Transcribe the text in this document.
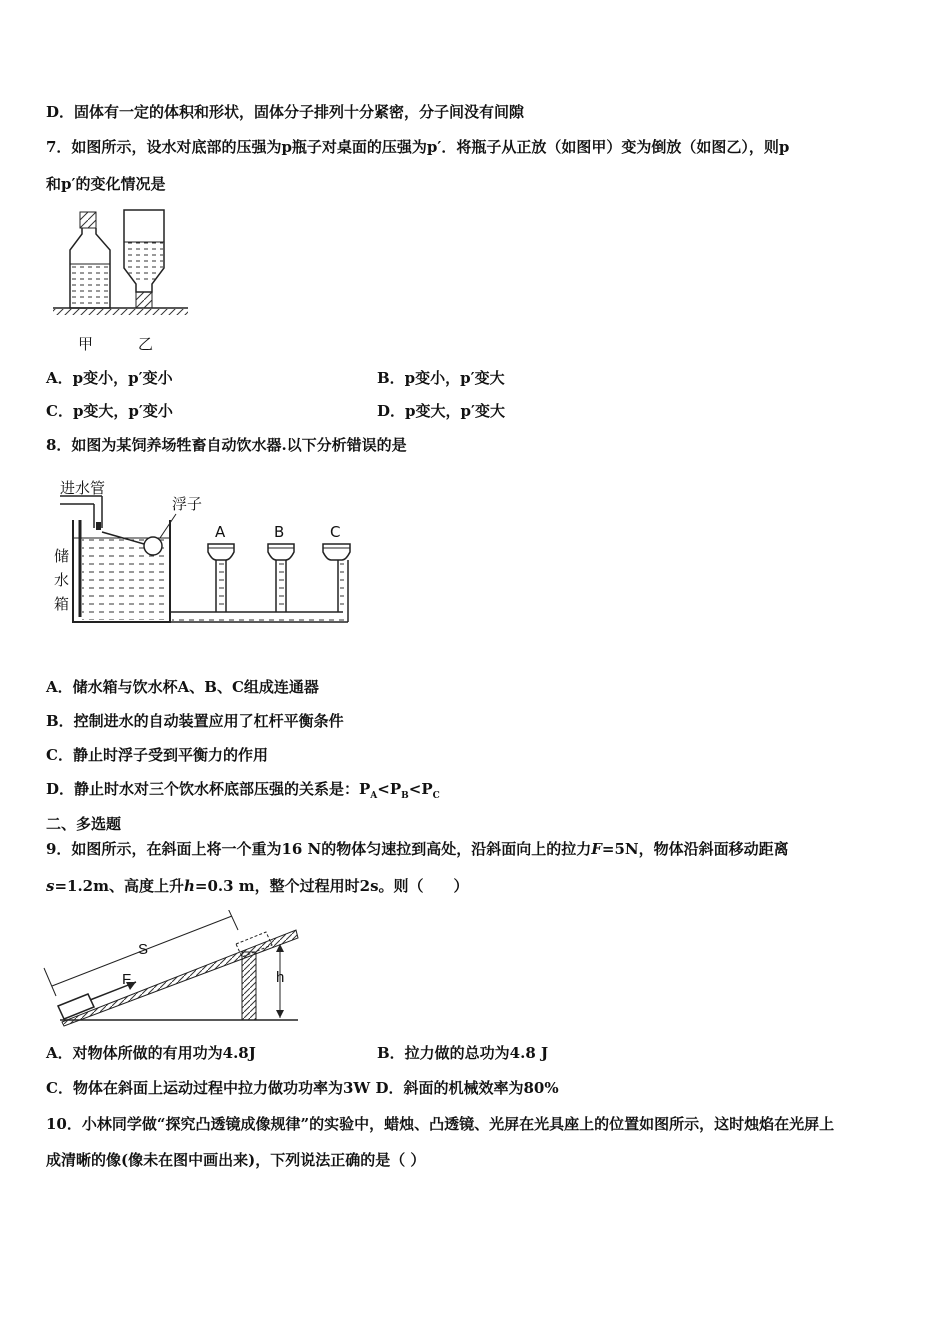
D．固体有一定的体积和形状，固体分子排列十分紧密，分子间没有间隙
7．如图所示，设水对底部的压强为p瓶子对桌面的压强为p′．将瓶子从正放（如图甲）变为倒放（如图乙），则p
和p′的变化情况是
甲	乙
A．p变小，p′变小	B．p变小，p′变大
C．p变大，p′变小	D．p变大，p′变大
8．如图为某饲养场牲畜自动饮水器.以下分析错误的是
进水管
浮子
储
水
箱
A	B	C
A．储水箱与饮水杯A、B、C组成连通器
B．控制进水的自动装置应用了杠杆平衡条件
C．静止时浮子受到平衡力的作用
D．静止时水对三个饮水杯底部压强的关系是：$P_A<P_B<P_C$
二、多选题
9．如图所示，在斜面上将一个重为16 N的物体匀速拉到高处，沿斜面向上的拉力F=5N，物体沿斜面移动距离
s=1.2m、高度上升h=0.3 m，整个过程用时2s。则（　　）
S
F	h
A．对物体所做的有用功为4.8J	B．拉力做的总功为4.8 J
C．物体在斜面上运动过程中拉力做功功率为3W D．斜面的机械效率为80%
10．小林同学做“探究凸透镜成像规律”的实验中，蜡烛、凸透镜、光屏在光具座上的位置如图所示，这时烛焰在光屏上
成清晰的像(像未在图中画出来)，下列说法正确的是（ ）
